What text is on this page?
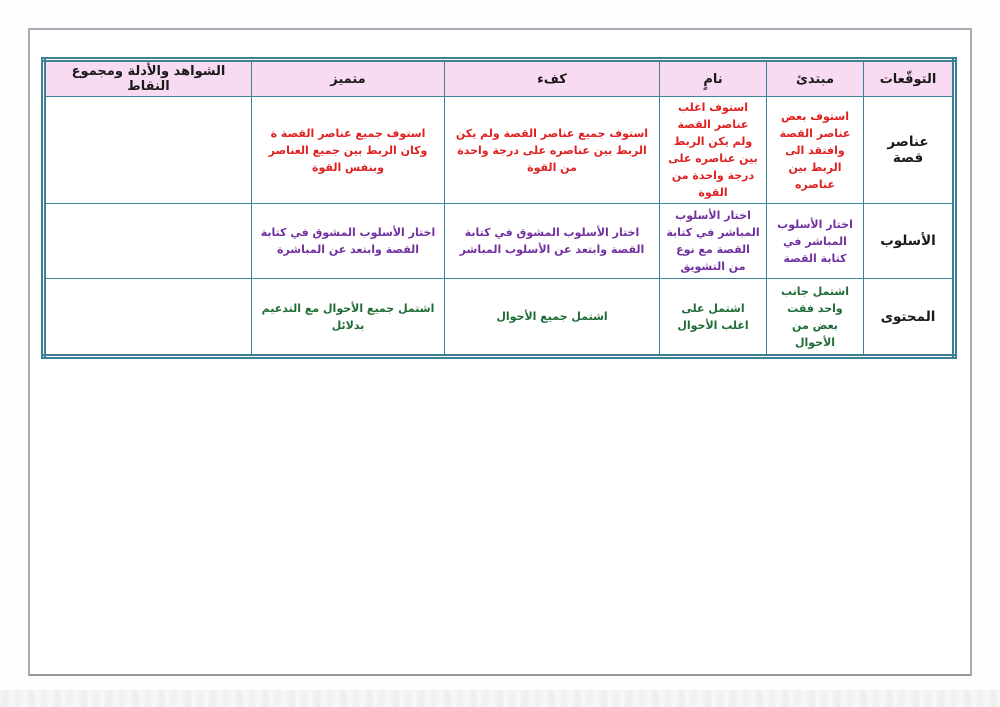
التوقّعات	مبتدئ	نامٍ	كفء	متميز	الشواهد والأدلة ومجموع النقاط
عناصر قصة	استوف بعض عناصر القصة وافتقد الى الربط بين عناصره	استوف اغلب عناصر القصة ولم يكن الربط بين عناصره على درجة واحدة من القوة	استوف جميع عناصر القصة ولم يكن الربط بين عناصره على درجة واحدة من القوة	استوف جميع عناصر القصة ة وكان الربط بين جميع العناصر وبنفس القوة	
الأسلوب	اختار الأسلوب المباشر في كتابة القصة	اختار الأسلوب المباشر في كتابة القصة مع نوع من التشويق	اختار الأسلوب المشوق في كتابة القصة وابتعد عن الأسلوب المباشر	اختار الأسلوب المشوق في كتابة القصة وابتعد عن المباشرة	
المحتوى	اشتمل جانب واحد فقت بعض من الأحوال	اشتمل على اغلب الأحوال	اشتمل جميع الأحوال	اشتمل جميع الأحوال مع التدعيم بدلائل	
